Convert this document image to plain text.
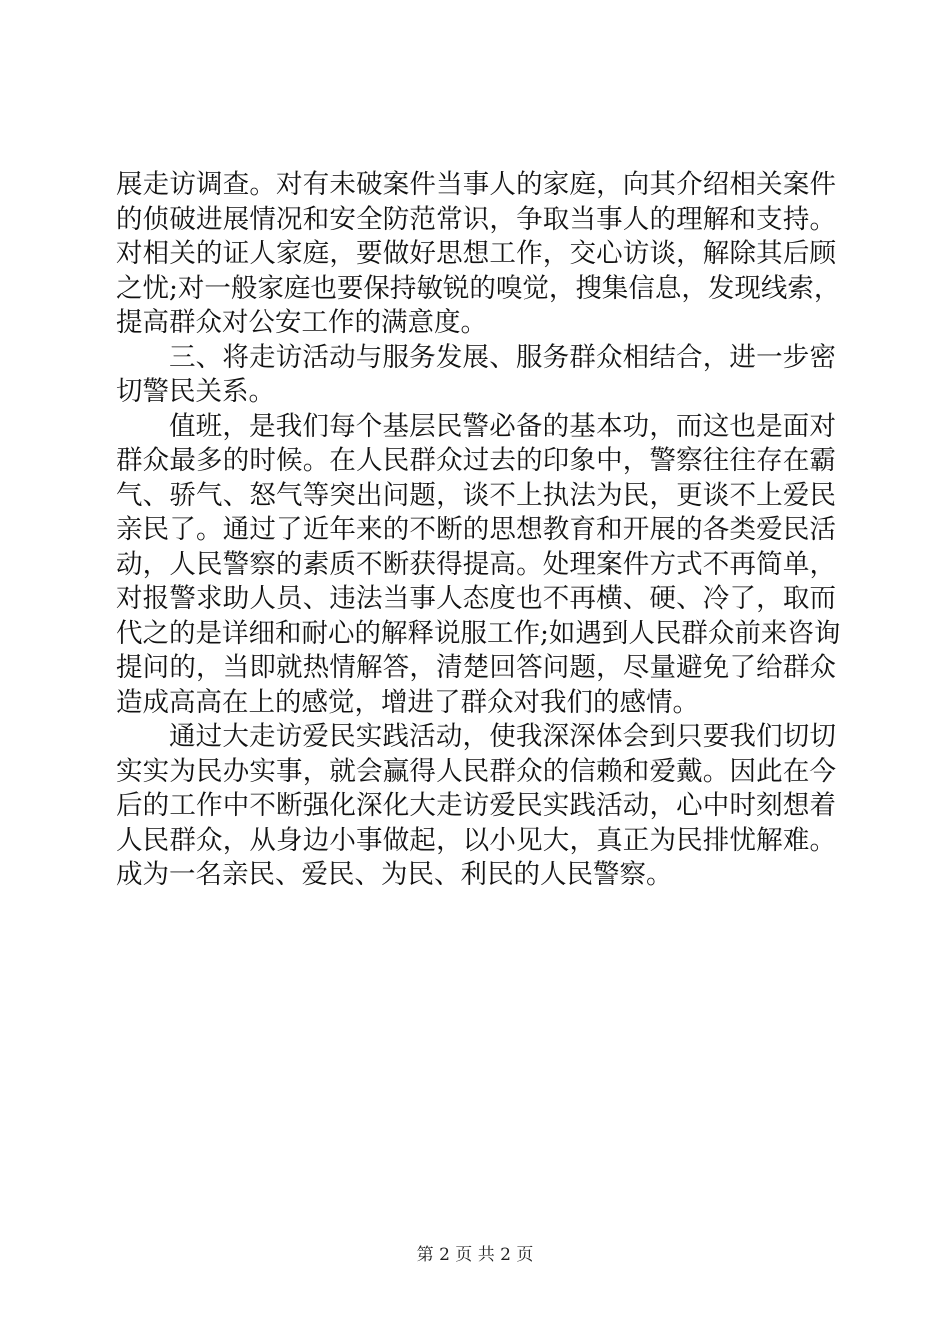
展走访调查。对有未破案件当事人的家庭，向其介绍相关案件
的侦破进展情况和安全防范常识，争取当事人的理解和支持。
对相关的证人家庭，要做好思想工作，交心访谈，解除其后顾
之忧;对一般家庭也要保持敏锐的嗅觉，搜集信息，发现线索，
提高群众对公安工作的满意度。
三、将走访活动与服务发展、服务群众相结合，进一步密
切警民关系。
值班，是我们每个基层民警必备的基本功，而这也是面对
群众最多的时候。在人民群众过去的印象中，警察往往存在霸
气、骄气、怒气等突出问题，谈不上执法为民，更谈不上爱民
亲民了。通过了近年来的不断的思想教育和开展的各类爱民活
动，人民警察的素质不断获得提高。处理案件方式不再简单，
对报警求助人员、违法当事人态度也不再横、硬、冷了，取而
代之的是详细和耐心的解释说服工作;如遇到人民群众前来咨询
提问的，当即就热情解答，清楚回答问题，尽量避免了给群众
造成高高在上的感觉，增进了群众对我们的感情。
通过大走访爱民实践活动，使我深深体会到只要我们切切
实实为民办实事，就会赢得人民群众的信赖和爱戴。因此在今
后的工作中不断强化深化大走访爱民实践活动，心中时刻想着
人民群众，从身边小事做起，以小见大，真正为民排忧解难。
成为一名亲民、爱民、为民、利民的人民警察。
第 2 页 共 2 页
